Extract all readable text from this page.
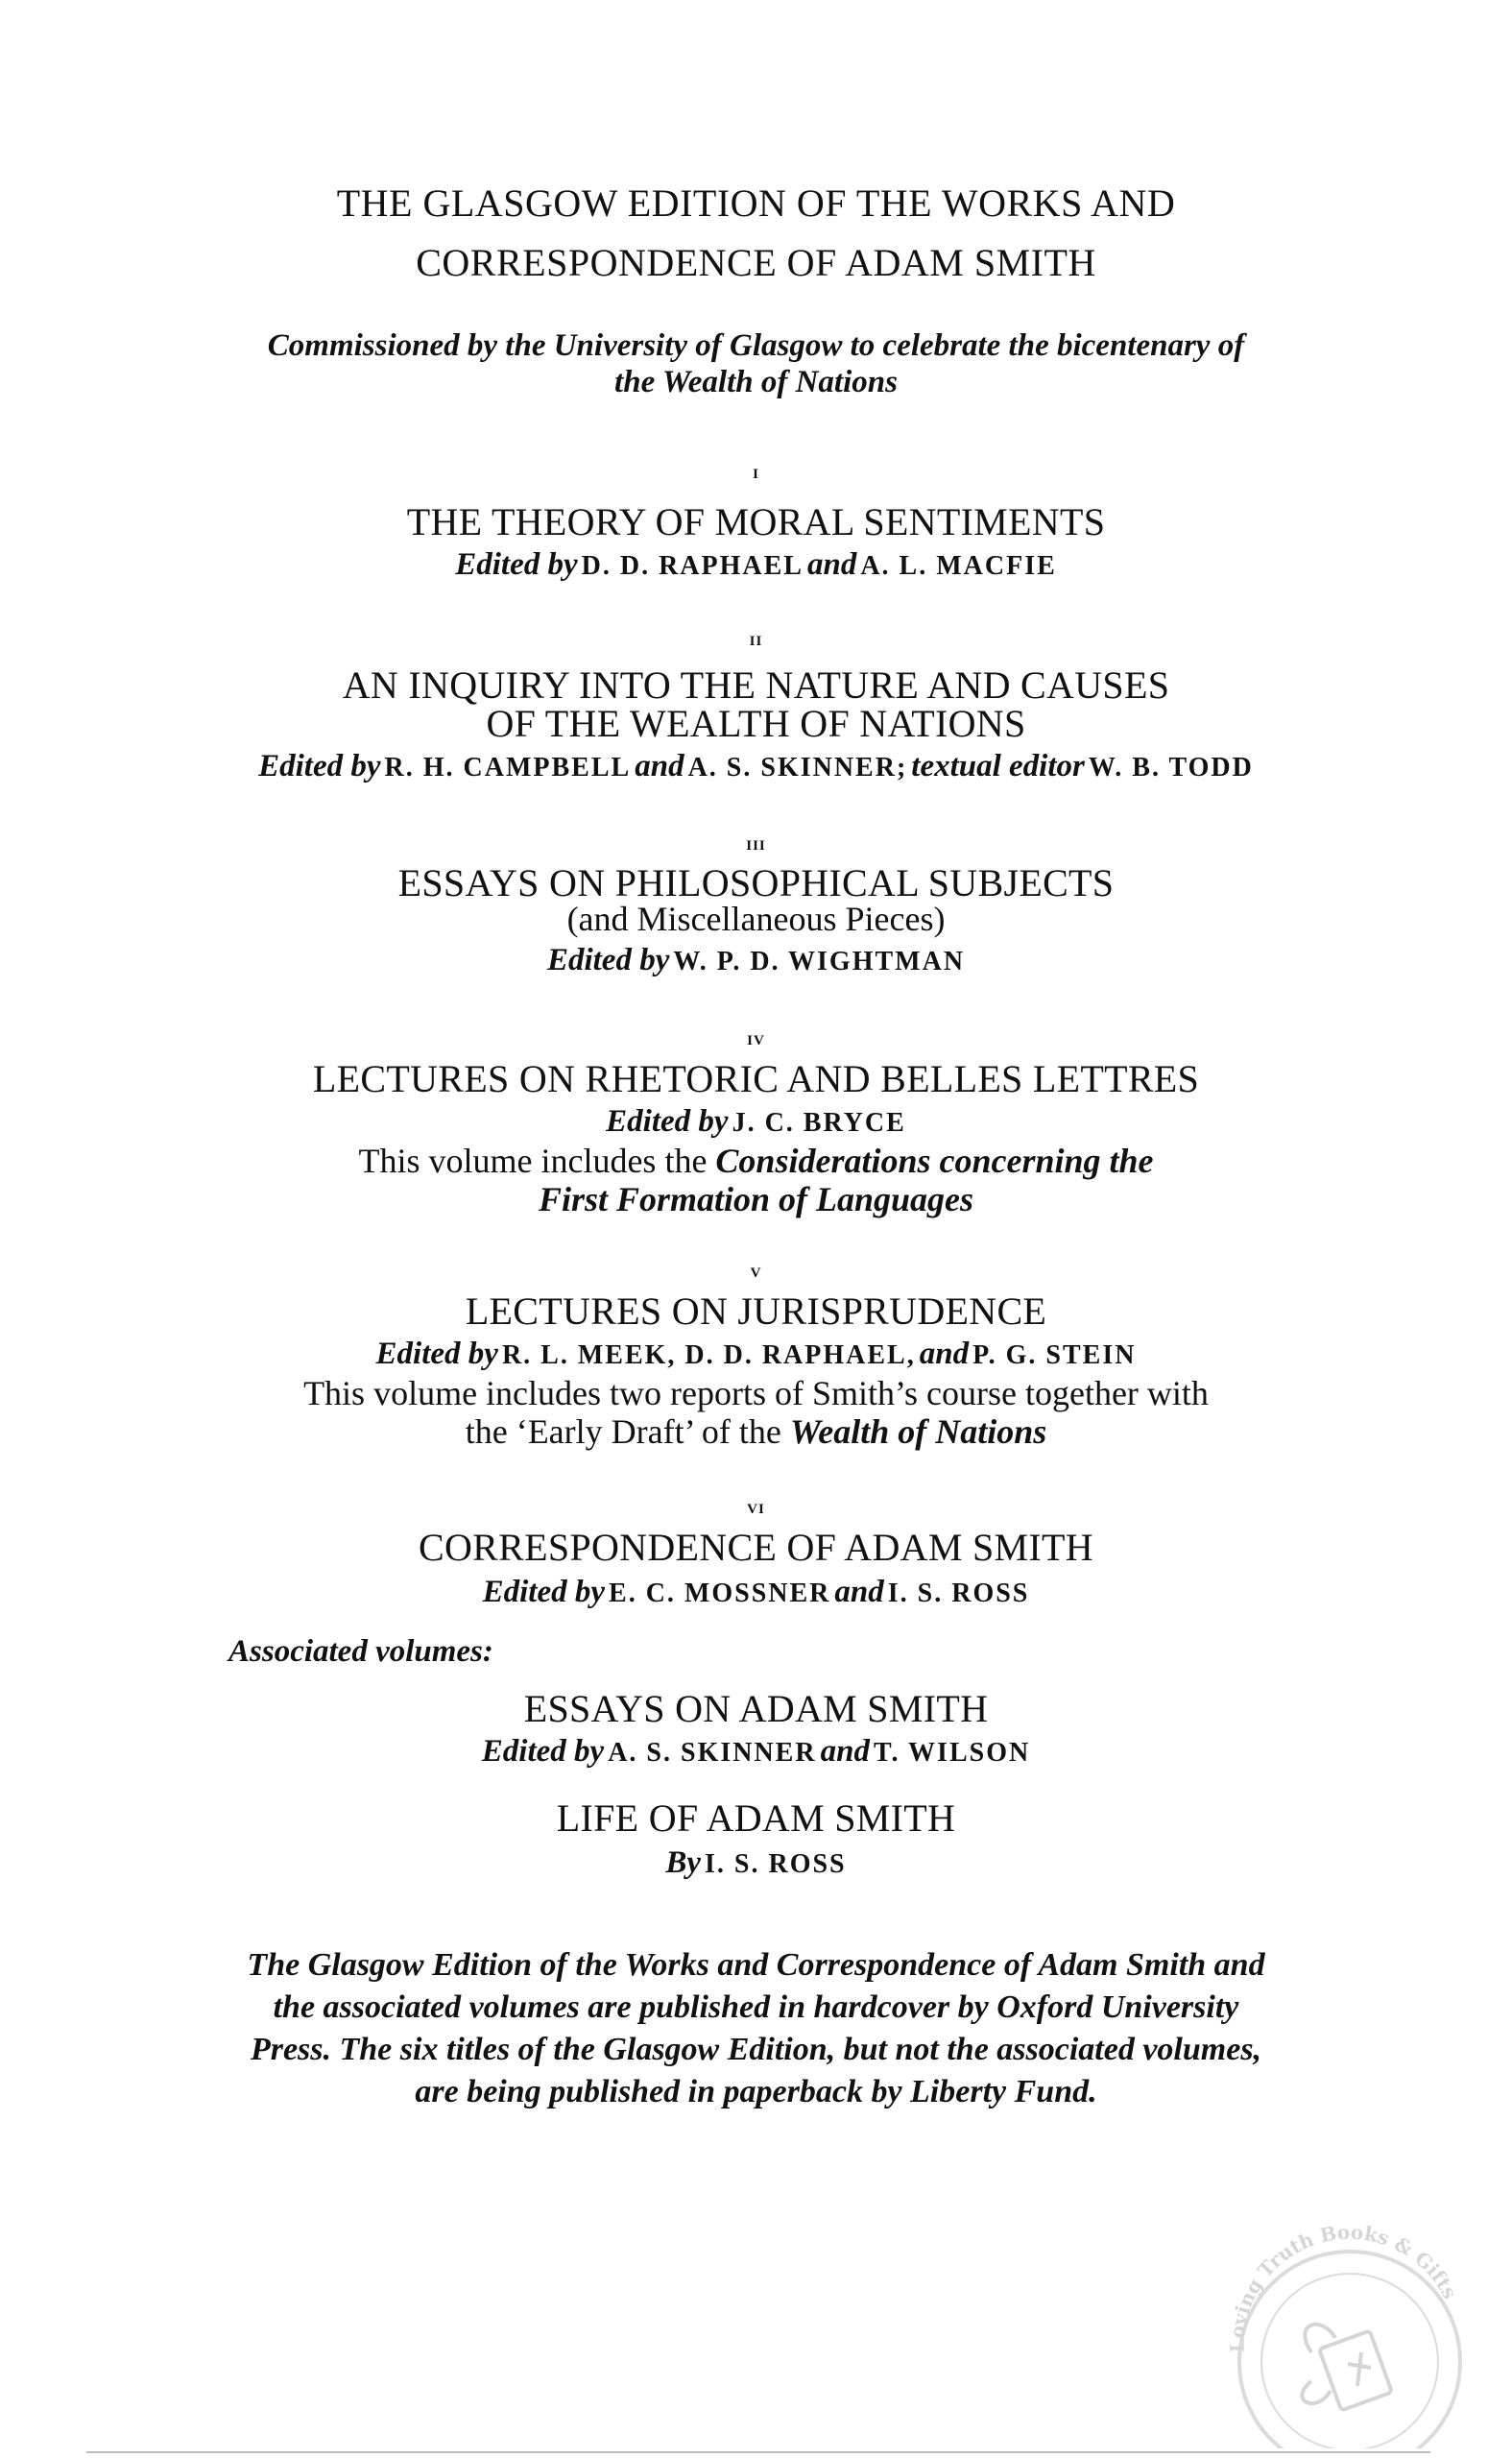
THE GLASGOW EDITION OF THE WORKS AND
CORRESPONDENCE OF ADAM SMITH
Commissioned by the University of Glasgow to celebrate the bicentenary of
the Wealth of Nations
i
THE THEORY OF MORAL SENTIMENTS
Edited by D. D. RAPHAEL and A. L. MACFIE
ii
AN INQUIRY INTO THE NATURE AND CAUSES
OF THE WEALTH OF NATIONS
Edited by R. H. CAMPBELL and A. S. SKINNER; textual editor W. B. TODD
iii
ESSAYS ON PHILOSOPHICAL SUBJECTS
(and Miscellaneous Pieces)
Edited by W. P. D. WIGHTMAN
iv
LECTURES ON RHETORIC AND BELLES LETTRES
Edited by J. C. BRYCE
This volume includes the Considerations concerning the
First Formation of Languages
v
LECTURES ON JURISPRUDENCE
Edited by R. L. MEEK, D. D. RAPHAEL, and P. G. STEIN
This volume includes two reports of Smith’s course together with
the ‘Early Draft’ of the Wealth of Nations
vi
CORRESPONDENCE OF ADAM SMITH
Edited by E. C. MOSSNER and I. S. ROSS
Associated volumes:
ESSAYS ON ADAM SMITH
Edited by A. S. SKINNER and T. WILSON
LIFE OF ADAM SMITH
By I. S. ROSS
The Glasgow Edition of the Works and Correspondence of Adam Smith and
the associated volumes are published in hardcover by Oxford University
Press. The six titles of the Glasgow Edition, but not the associated volumes,
are being published in paperback by Liberty Fund.
Loving Truth Books & Gifts
